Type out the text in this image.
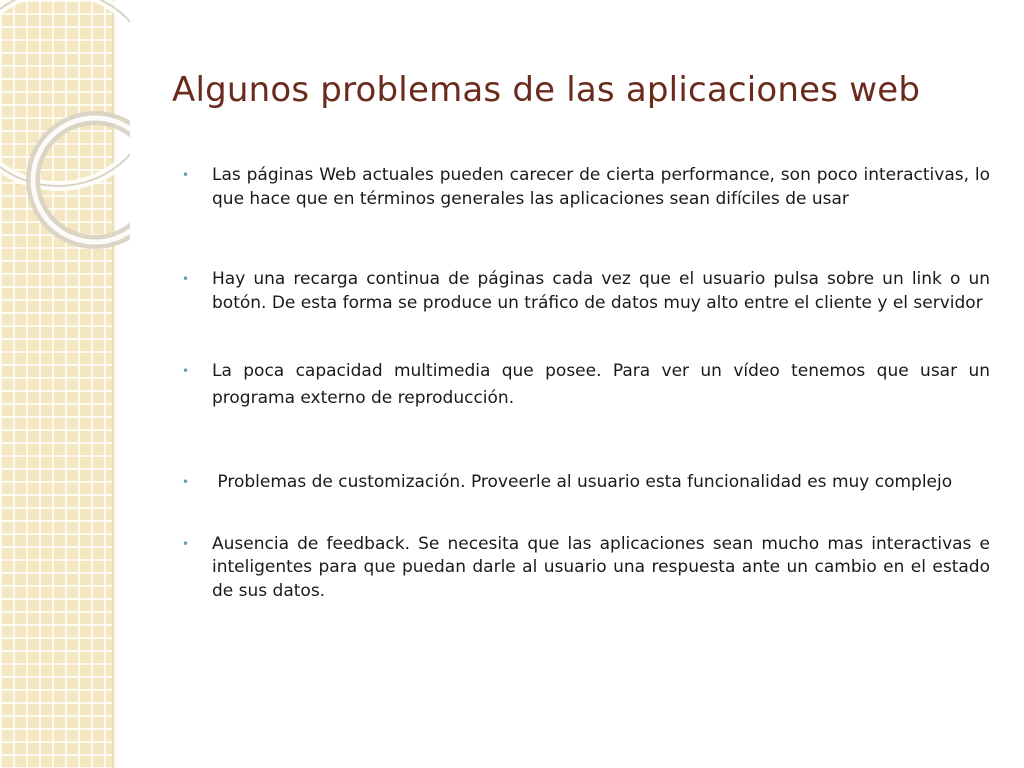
Algunos problemas de las aplicaciones web
• Las páginas Web actuales pueden carecer de cierta performance, son poco interactivas, lo que hace que en términos generales las aplicaciones sean difíciles de usar
• Hay una recarga continua de páginas cada vez que el usuario pulsa sobre un link o un botón. De esta forma se produce un tráfico de datos muy alto entre el cliente y el servidor
• La poca capacidad multimedia que posee. Para ver un vídeo tenemos que usar un programa externo de reproducción.
• Problemas de customización. Proveerle al usuario esta funcionalidad es muy complejo
• Ausencia de feedback. Se necesita que las aplicaciones sean mucho mas interactivas e inteligentes para que puedan darle al usuario una respuesta ante un cambio en el estado de sus datos.
